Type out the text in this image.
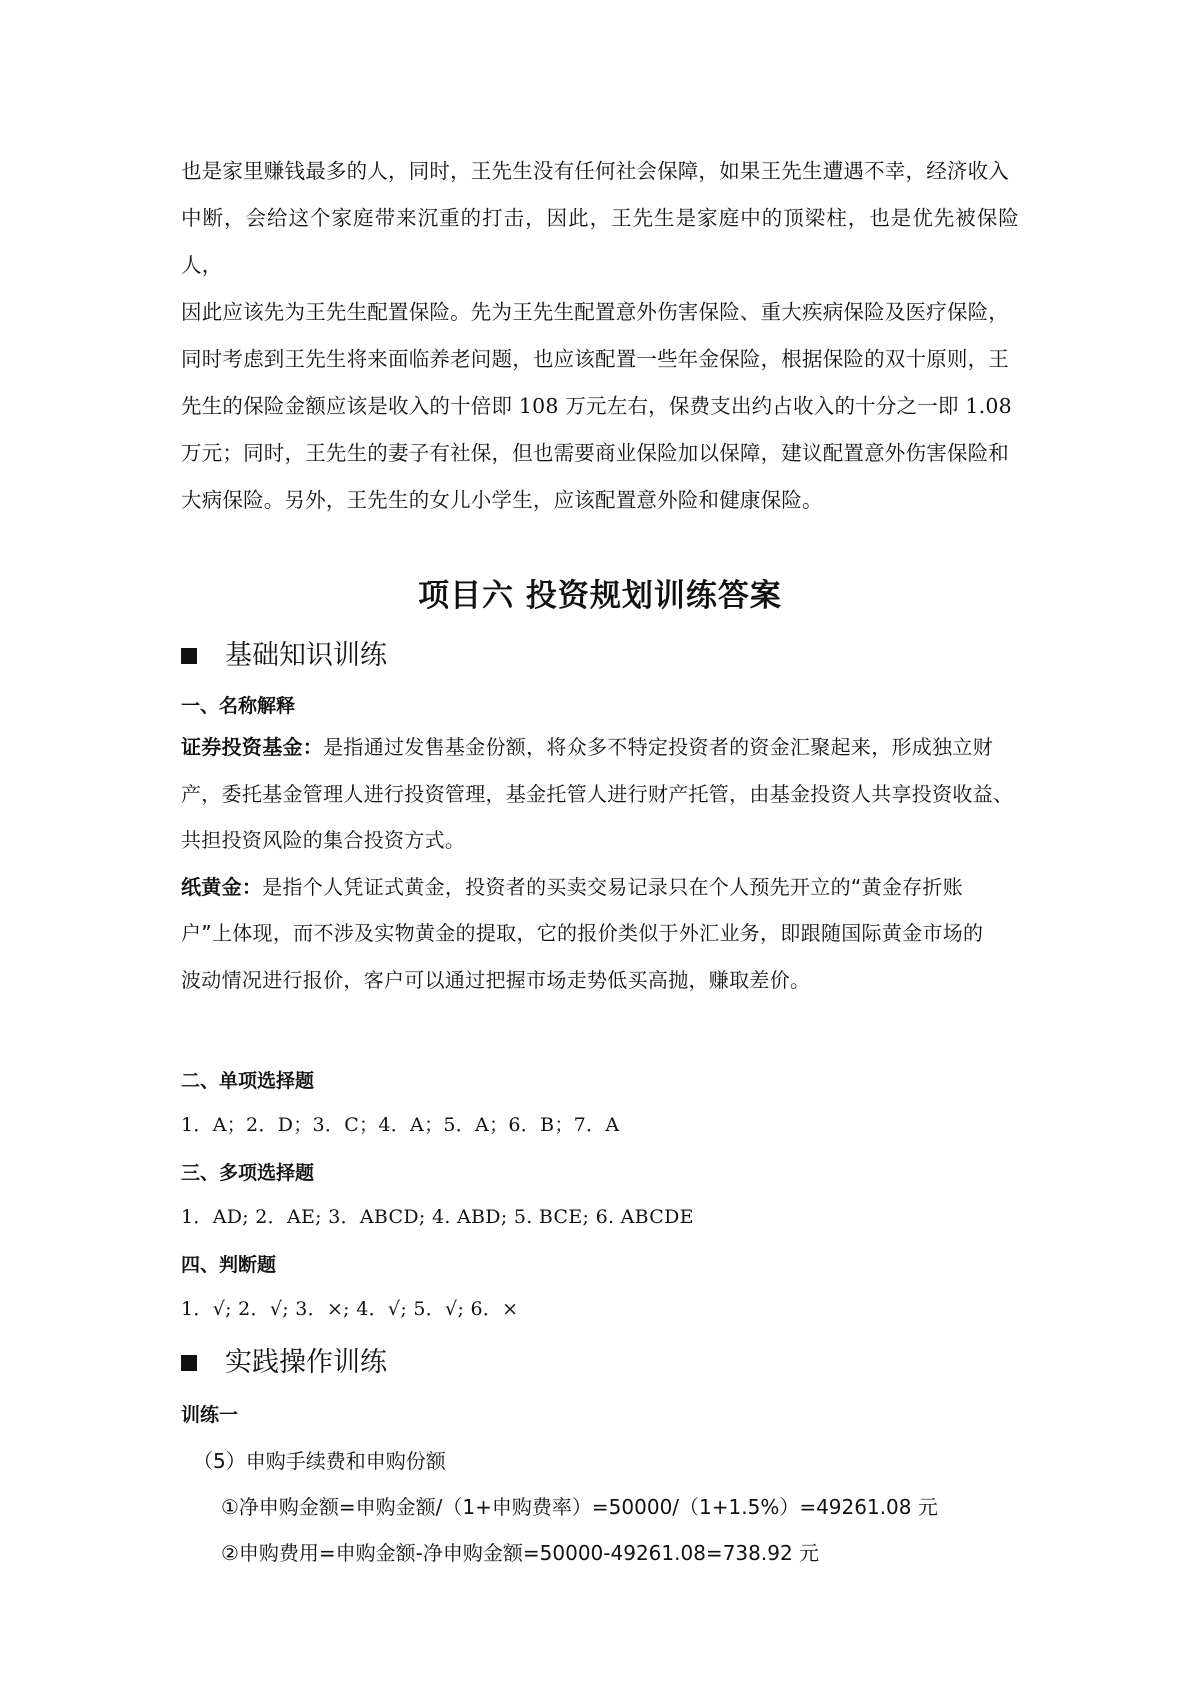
也是家里赚钱最多的人，同时，王先生没有任何社会保障，如果王先生遭遇不幸，经济收入

中断，会给这个家庭带来沉重的打击，因此，王先生是家庭中的顶梁柱，也是优先被保险人，

因此应该先为王先生配置保险。先为王先生配置意外伤害保险、重大疾病保险及医疗保险，

同时考虑到王先生将来面临养老问题，也应该配置一些年金保险，根据保险的双十原则，王

先生的保险金额应该是收入的十倍即 108 万元左右，保费支出约占收入的十分之一即 1.08

万元；同时，王先生的妻子有社保，但也需要商业保险加以保障，建议配置意外伤害保险和

大病保险。另外，王先生的女儿小学生，应该配置意外险和健康保险。

项目六 投资规划训练答案
基础知识训练
一、名称解释

证券投资基金：是指通过发售基金份额，将众多不特定投资者的资金汇聚起来，形成独立财

产，委托基金管理人进行投资管理，基金托管人进行财产托管，由基金投资人共享投资收益、

共担投资风险的集合投资方式。

纸黄金：是指个人凭证式黄金，投资者的买卖交易记录只在个人预先开立的“黄金存折账

户”上体现，而不涉及实物黄金的提取，它的报价类似于外汇业务，即跟随国际黄金市场的

波动情况进行报价，客户可以通过把握市场走势低买高抛，赚取差价。

二、单项选择题
1．A；2．D；3．C；4．A；5．A；6．B；7．A
三、多项选择题
1．AD; 2．AE; 3．ABCD; 4. ABD; 5. BCE; 6. ABCDE
四、判断题
1．√; 2．√; 3．×; 4．√; 5．√; 6．×
实践操作训练
训练一
（5）申购手续费和申购份额
①净申购金额=申购金额/（1+申购费率）=50000/（1+1.5%）=49261.08 元
②申购费用=申购金额-净申购金额=50000-49261.08=738.92 元
